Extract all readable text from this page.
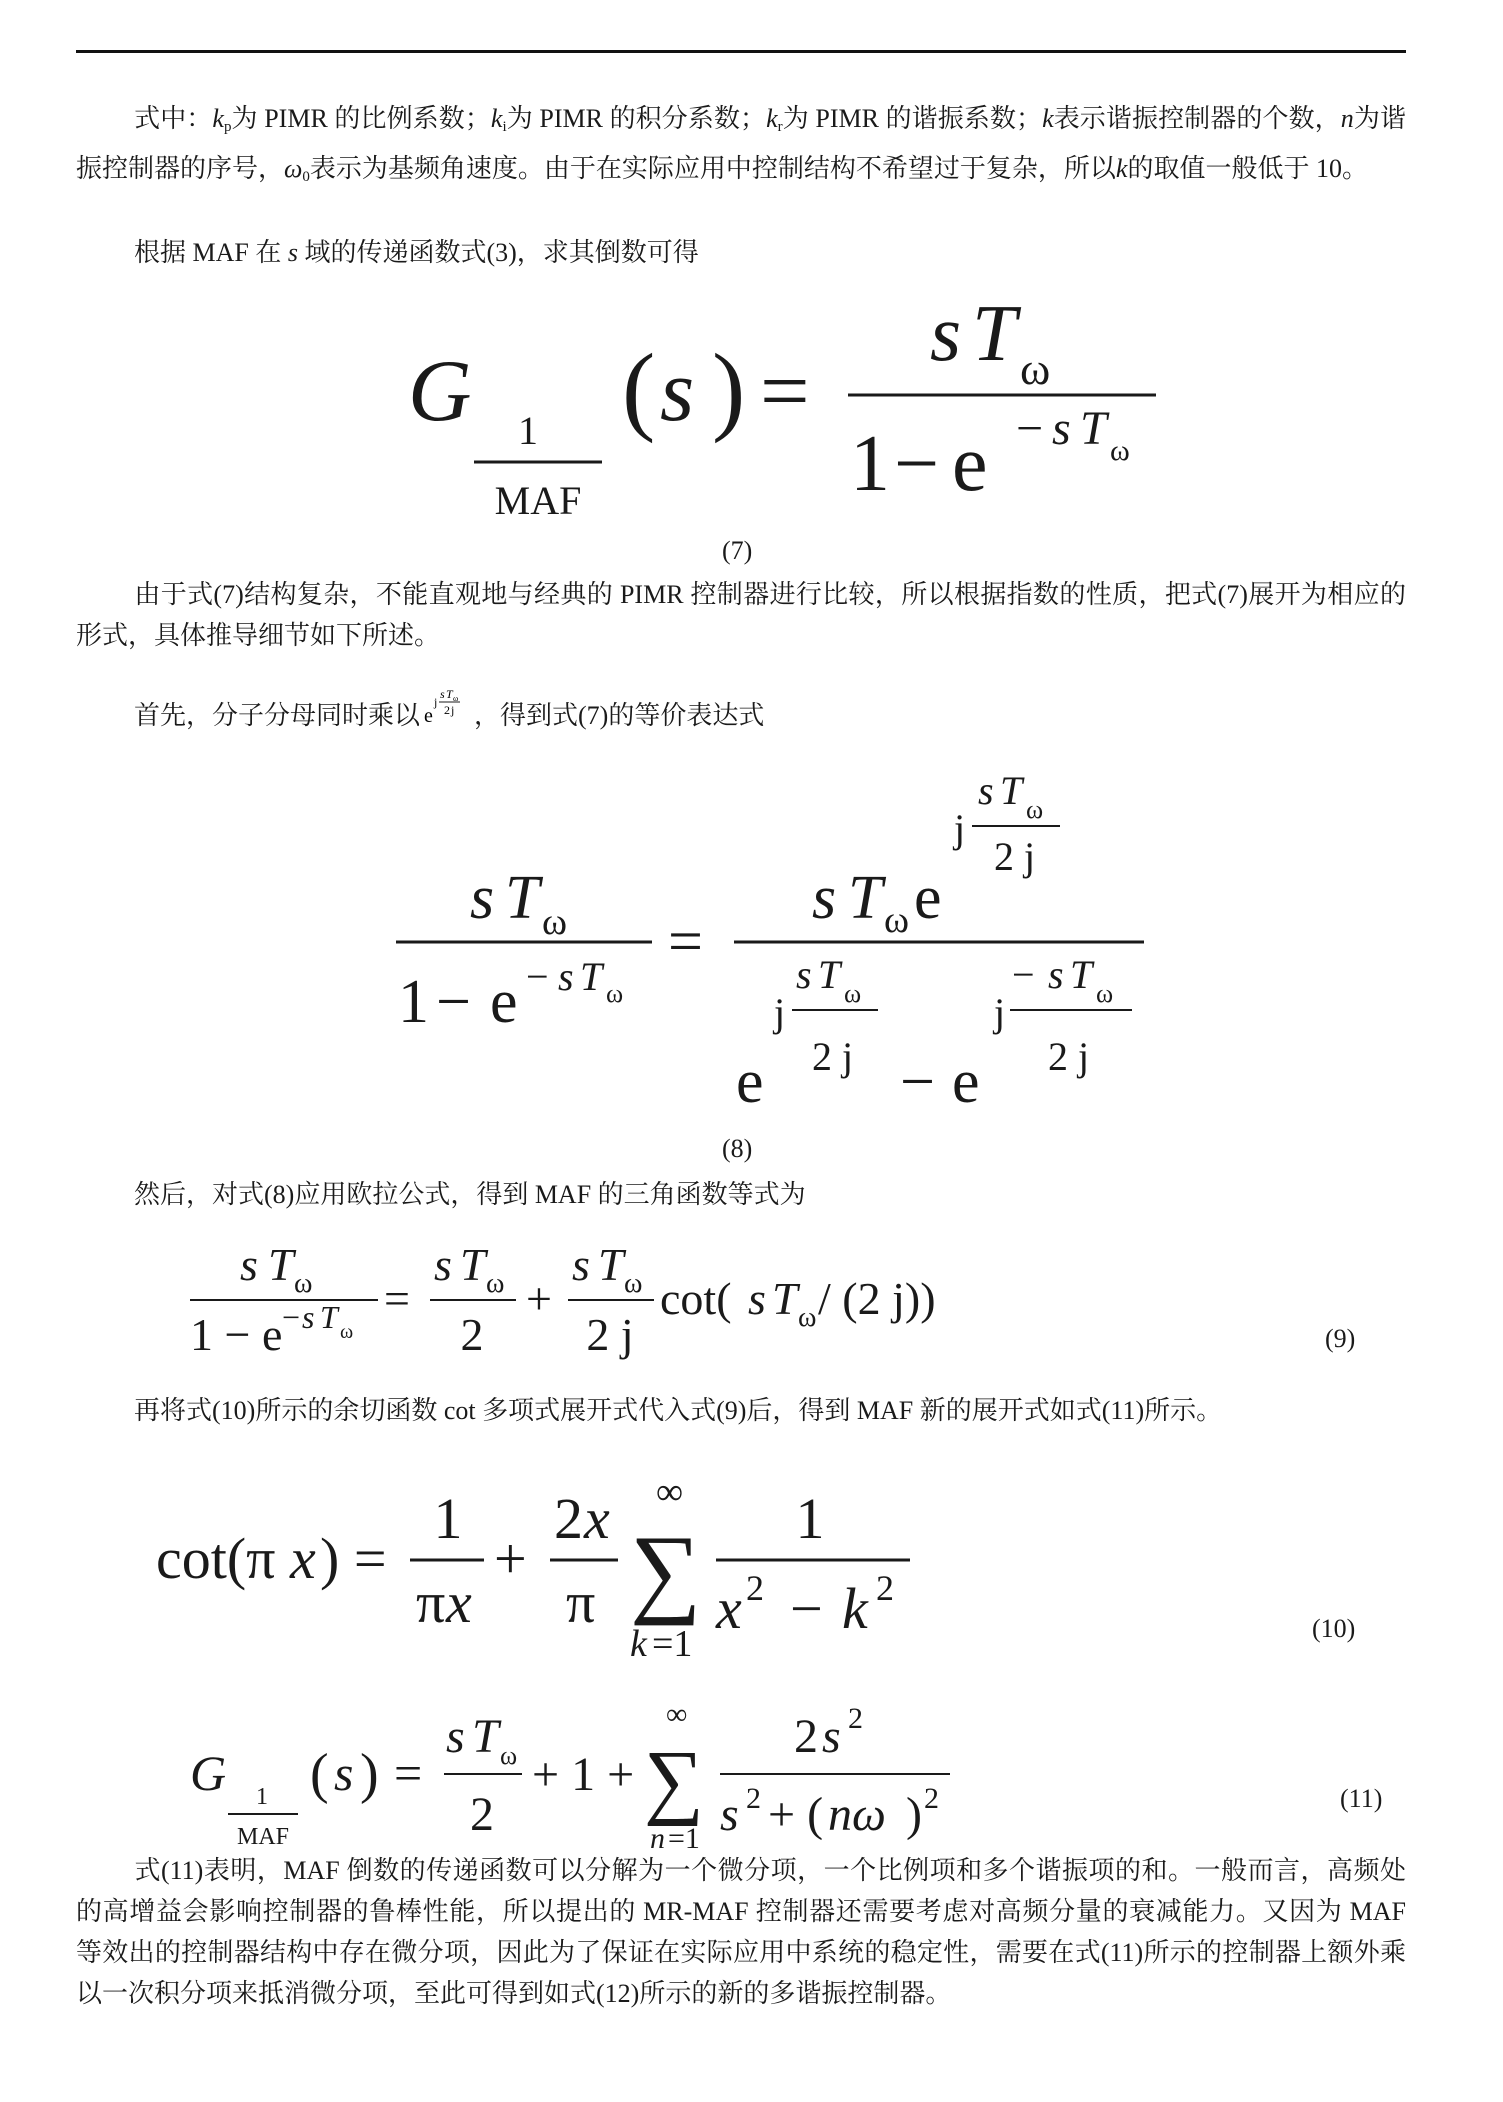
式中：$k_p$为 PIMR 的比例系数；$k_i$为 PIMR 的积分系数；$k_r$为 PIMR 的谐振系数；k表示谐振控制器的个数，n为谐振控制器的序号，$\omega_0$表示为基频角速度。由于在实际应用中控制结构不希望过于复杂，所以k的取值一般低于 10。
根据 MAF 在 s 域的传递函数式(3)，求其倒数可得
G 1
MAF
( s ) =
s T ω
1 − e − s T ω
(7)
由于式(7)结构复杂，不能直观地与经典的 PIMR 控制器进行比较，所以根据指数的性质，把式(7)展开为相应的形式，具体推导细节如下所述。
首先，分子分母同时乘以 e
j
s T ω
2 j ，得到式(7)的等价表达式
s T ω
1 − e − s T ω
=
s T ω e
j
s T ω
2 j
e
j
s T ω
2 j − e
j
− s T ω
2 j
(8)
然后，对式(8)应用欧拉公式，得到 MAF 的三角函数等式为
s T ω
1 − e − s T ω
=
s T ω
2
+
s T ω
2 j
cot( s T ω / (2 j))
(9)
再将式(10)所示的余切函数 cot 多项式展开式代入式(9)后，得到 MAF 新的展开式如式(11)所示。
cot(π x ) =
1
π x
+
2 x
π ∑
∞
k =1
1
x 2 − k 2
(10)
G 1
MAF
( s ) =
s T ω
2
+ 1 + ∑
∞
n =1
2 s 2
s 2 + ( nω ) 2	(11)
式(11)表明，MAF 倒数的传递函数可以分解为一个微分项，一个比例项和多个谐振项的和。一般而言，高频处的高增益会影响控制器的鲁棒性能，所以提出的 MR-MAF 控制器还需要考虑对高频分量的衰减能力。又因为 MAF 等效出的控制器结构中存在微分项，因此为了保证在实际应用中系统的稳定性，需要在式(11)所示的控制器上额外乘以一次积分项来抵消微分项，至此可得到如式(12)所示的新的多谐振控制器。
